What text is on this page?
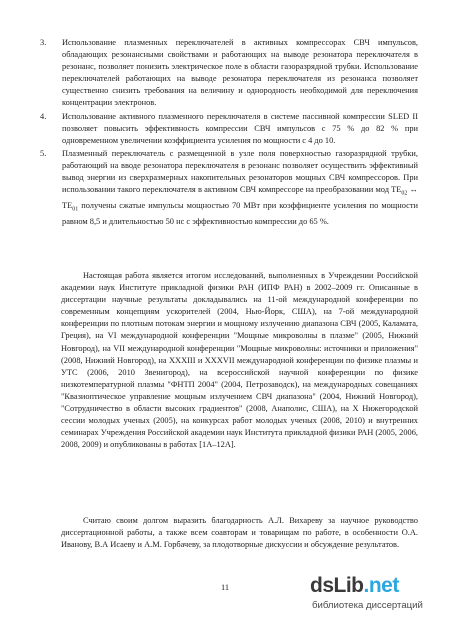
3. Использование плазменных переключателей в активных компрессорах СВЧ импульсов, обладающих резонансными свойствами и работающих на выводе резонатора переключателя в резонанс, позволяет понизить электрическое поле в области газоразрядной трубки. Использование переключателей работающих на выводе резонатора переключателя из резонанса позволяет существенно снизить требования на величину и однородность необходимой для переключения концентрации электронов.
4. Использование активного плазменного переключателя в системе пассивной компрессии SLED II позволяет повысить эффективность компрессии СВЧ импульсов с 75 % до 82 % при одновременном увеличении коэффициента усиления по мощности с 4 до 10.
5. Плазменный переключатель с размещенной в узле поля поверхностью газоразрядной трубки, работающий на вводе резонатора переключателя в резонанс позволяет осуществить эффективный вывод энергии из сверхразмерных накопительных резонаторов мощных СВЧ компрессоров. При использовании такого переключателя в активном СВЧ компрессоре на преобразовании мод $TE_{02}$ ↔ $TE_{01}$ получены сжатые импульсы мощностью 70 МВт при коэффициенте усиления по мощности равном 8,5 и длительностью 50 нс с эффективностью компрессии до 65 %.

Настоящая работа является итогом исследований, выполненных в Учреждении Российской академии наук Институте прикладной физики РАН (ИПФ РАН) в 2002–2009 гг. Описанные в диссертации научные результаты докладывались на 11-ой международной конференции по современным концепциям ускорителей (2004, Нью-Йорк, США), на 7-ой международной конференции по плотным потокам энергии и мощному излучению диапазона СВЧ (2005, Каламата, Греция), на VI международной конференции "Мощные микроволны в плазме" (2005, Нижний Новгород), на VII международной конференции "Мощные микроволны: источники и приложения" (2008, Нижний Новгород), на XXXIII и XXXVII международной конференции по физике плазмы и УТС (2006, 2010 Звенигород), на всероссийской научной конференции по физике низкотемпературной плазмы "ФНТП 2004" (2004, Петрозаводск), на международных совещаниях "Квазиоптическое управление мощным излучением СВЧ диапазона" (2004, Нижний Новгород), "Сотрудничество в области высоких градиентов" (2008, Анаполис, США), на X Нижегородской сессии молодых ученых (2005), на конкурсах работ молодых ученых (2008, 2010) и внутренних семинарах Учреждения Российской академии наук Института прикладной физики РАН (2005, 2006, 2008, 2009) и опубликованы в работах [1А–12А].

Считаю своим долгом выразить благодарность А.Л. Вихареву за научное руководство диссертационной работы, а также всем соавторам и товарищам по работе, в особенности О.А. Иванову, В.А Исаеву и А.М. Горбачеву, за плодотворные дискуссии и обсуждение результатов.

11	dsLib.net
библиотека диссертаций
